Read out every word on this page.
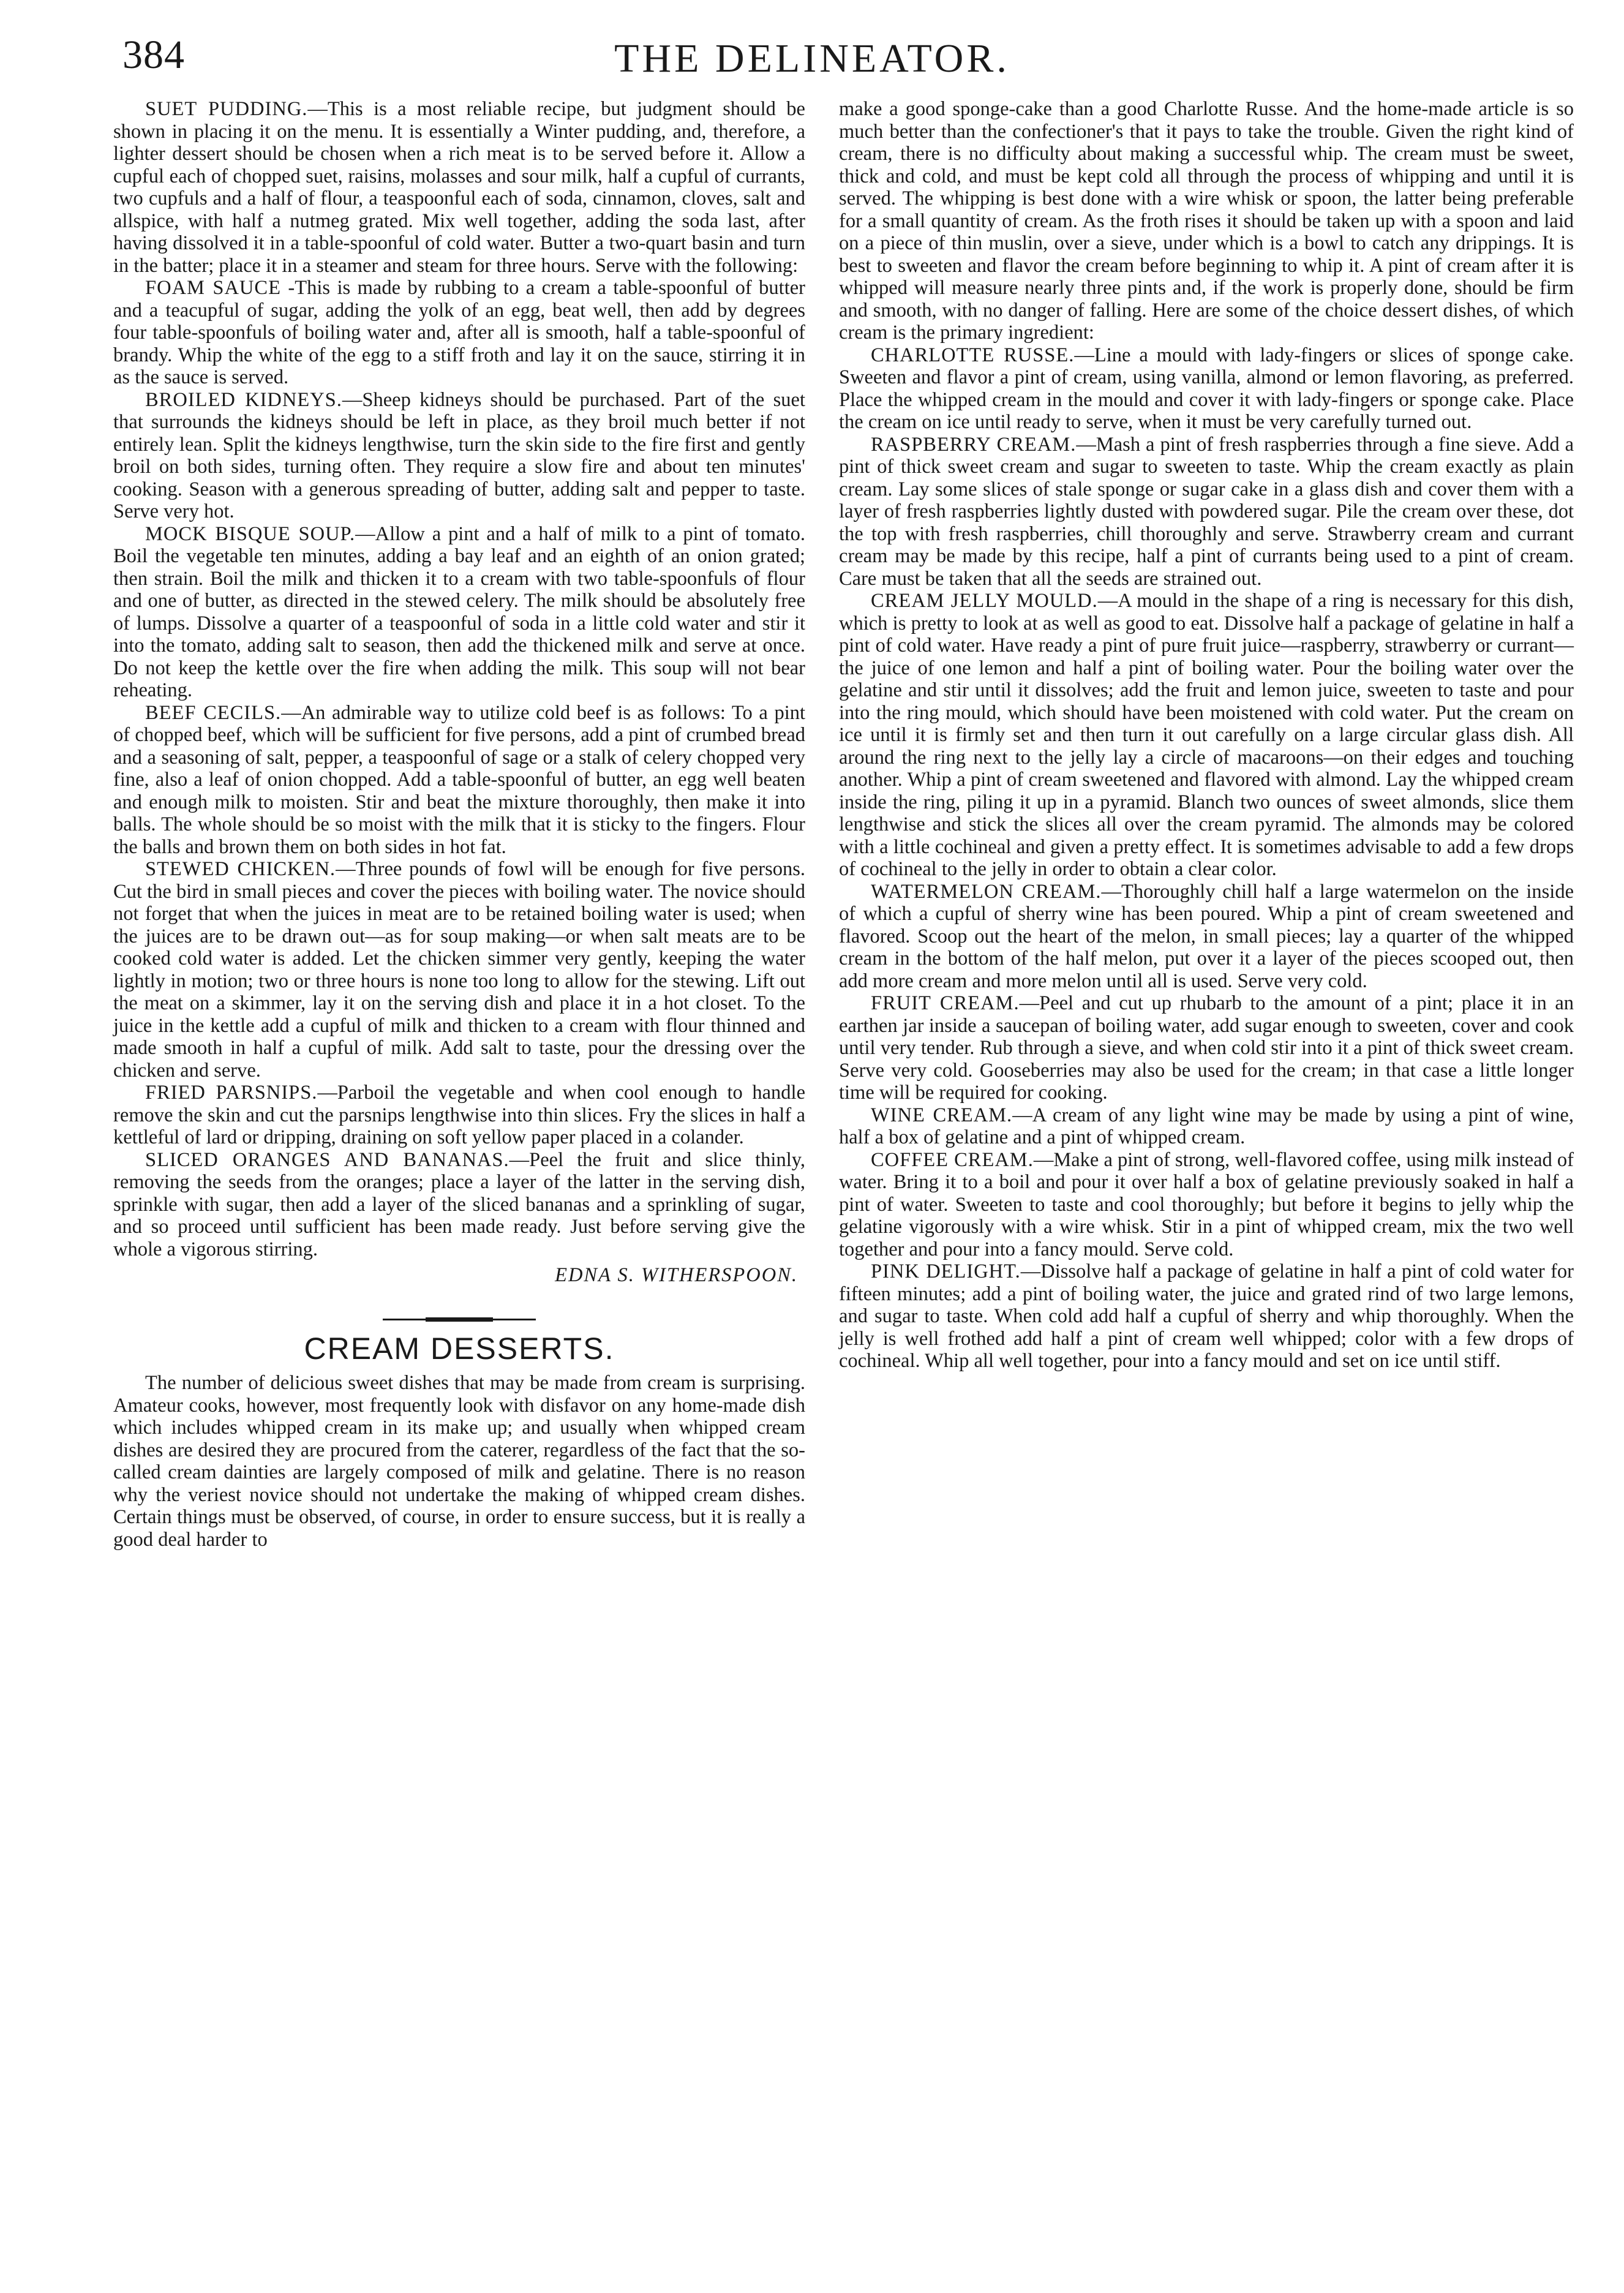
384	THE DELINEATOR.

SUET PUDDING.—This is a most reliable recipe, but judgment should be shown in placing it on the menu. It is essentially a Winter pudding, and, therefore, a lighter dessert should be chosen when a rich meat is to be served before it. Allow a cupful each of chopped suet, raisins, molasses and sour milk, half a cupful of currants, two cupfuls and a half of flour, a teaspoonful each of soda, cinnamon, cloves, salt and allspice, with half a nutmeg grated. Mix well together, adding the soda last, after having dissolved it in a table-spoonful of cold water. Butter a two-quart basin and turn in the batter; place it in a steamer and steam for three hours. Serve with the following:

FOAM SAUCE -This is made by rubbing to a cream a table-spoonful of butter and a teacupful of sugar, adding the yolk of an egg, beat well, then add by degrees four table-spoonfuls of boiling water and, after all is smooth, half a table-spoonful of brandy. Whip the white of the egg to a stiff froth and lay it on the sauce, stirring it in as the sauce is served.

BROILED KIDNEYS.—Sheep kidneys should be purchased. Part of the suet that surrounds the kidneys should be left in place, as they broil much better if not entirely lean. Split the kidneys lengthwise, turn the skin side to the fire first and gently broil on both sides, turning often. They require a slow fire and about ten minutes' cooking. Season with a generous spreading of butter, adding salt and pepper to taste. Serve very hot.

MOCK BISQUE SOUP.—Allow a pint and a half of milk to a pint of tomato. Boil the vegetable ten minutes, adding a bay leaf and an eighth of an onion grated; then strain. Boil the milk and thicken it to a cream with two table-spoonfuls of flour and one of butter, as directed in the stewed celery. The milk should be absolutely free of lumps. Dissolve a quarter of a teaspoonful of soda in a little cold water and stir it into the tomato, adding salt to season, then add the thickened milk and serve at once. Do not keep the kettle over the fire when adding the milk. This soup will not bear reheating.

BEEF CECILS.—An admirable way to utilize cold beef is as follows: To a pint of chopped beef, which will be sufficient for five persons, add a pint of crumbed bread and a seasoning of salt, pepper, a teaspoonful of sage or a stalk of celery chopped very fine, also a leaf of onion chopped. Add a table-spoonful of butter, an egg well beaten and enough milk to moisten. Stir and beat the mixture thoroughly, then make it into balls. The whole should be so moist with the milk that it is sticky to the fingers. Flour the balls and brown them on both sides in hot fat.

STEWED CHICKEN.—Three pounds of fowl will be enough for five persons. Cut the bird in small pieces and cover the pieces with boiling water. The novice should not forget that when the juices in meat are to be retained boiling water is used; when the juices are to be drawn out—as for soup making—or when salt meats are to be cooked cold water is added. Let the chicken simmer very gently, keeping the water lightly in motion; two or three hours is none too long to allow for the stewing. Lift out the meat on a skimmer, lay it on the serving dish and place it in a hot closet. To the juice in the kettle add a cupful of milk and thicken to a cream with flour thinned and made smooth in half a cupful of milk. Add salt to taste, pour the dressing over the chicken and serve.

FRIED PARSNIPS.—Parboil the vegetable and when cool enough to handle remove the skin and cut the parsnips lengthwise into thin slices. Fry the slices in half a kettleful of lard or dripping, draining on soft yellow paper placed in a colander.

SLICED ORANGES AND BANANAS.—Peel the fruit and slice thinly, removing the seeds from the oranges; place a layer of the latter in the serving dish, sprinkle with sugar, then add a layer of the sliced bananas and a sprinkling of sugar, and so proceed until sufficient has been made ready. Just before serving give the whole a vigorous stirring.

EDNA S. WITHERSPOON.
CREAM DESSERTS.

The number of delicious sweet dishes that may be made from cream is surprising. Amateur cooks, however, most frequently look with disfavor on any home-made dish which includes whipped cream in its make up; and usually when whipped cream dishes are desired they are procured from the caterer, regardless of the fact that the so-called cream dainties are largely composed of milk and gelatine. There is no reason why the veriest novice should not undertake the making of whipped cream dishes. Certain things must be observed, of course, in order to ensure success, but it is really a good deal harder to

make a good sponge-cake than a good Charlotte Russe. And the home-made article is so much better than the confectioner's that it pays to take the trouble. Given the right kind of cream, there is no difficulty about making a successful whip. The cream must be sweet, thick and cold, and must be kept cold all through the process of whipping and until it is served. The whipping is best done with a wire whisk or spoon, the latter being preferable for a small quantity of cream. As the froth rises it should be taken up with a spoon and laid on a piece of thin muslin, over a sieve, under which is a bowl to catch any drippings. It is best to sweeten and flavor the cream before beginning to whip it. A pint of cream after it is whipped will measure nearly three pints and, if the work is properly done, should be firm and smooth, with no danger of falling. Here are some of the choice dessert dishes, of which cream is the primary ingredient:

CHARLOTTE RUSSE.—Line a mould with lady-fingers or slices of sponge cake. Sweeten and flavor a pint of cream, using vanilla, almond or lemon flavoring, as preferred. Place the whipped cream in the mould and cover it with lady-fingers or sponge cake. Place the cream on ice until ready to serve, when it must be very carefully turned out.

RASPBERRY CREAM.—Mash a pint of fresh raspberries through a fine sieve. Add a pint of thick sweet cream and sugar to sweeten to taste. Whip the cream exactly as plain cream. Lay some slices of stale sponge or sugar cake in a glass dish and cover them with a layer of fresh raspberries lightly dusted with powdered sugar. Pile the cream over these, dot the top with fresh raspberries, chill thoroughly and serve. Strawberry cream and currant cream may be made by this recipe, half a pint of currants being used to a pint of cream. Care must be taken that all the seeds are strained out.

CREAM JELLY MOULD.—A mould in the shape of a ring is necessary for this dish, which is pretty to look at as well as good to eat. Dissolve half a package of gelatine in half a pint of cold water. Have ready a pint of pure fruit juice—raspberry, strawberry or currant—the juice of one lemon and half a pint of boiling water. Pour the boiling water over the gelatine and stir until it dissolves; add the fruit and lemon juice, sweeten to taste and pour into the ring mould, which should have been moistened with cold water. Put the cream on ice until it is firmly set and then turn it out carefully on a large circular glass dish. All around the ring next to the jelly lay a circle of macaroons—on their edges and touching another. Whip a pint of cream sweetened and flavored with almond. Lay the whipped cream inside the ring, piling it up in a pyramid. Blanch two ounces of sweet almonds, slice them lengthwise and stick the slices all over the cream pyramid. The almonds may be colored with a little cochineal and given a pretty effect. It is sometimes advisable to add a few drops of cochineal to the jelly in order to obtain a clear color.

WATERMELON CREAM.—Thoroughly chill half a large watermelon on the inside of which a cupful of sherry wine has been poured. Whip a pint of cream sweetened and flavored. Scoop out the heart of the melon, in small pieces; lay a quarter of the whipped cream in the bottom of the half melon, put over it a layer of the pieces scooped out, then add more cream and more melon until all is used. Serve very cold.

FRUIT CREAM.—Peel and cut up rhubarb to the amount of a pint; place it in an earthen jar inside a saucepan of boiling water, add sugar enough to sweeten, cover and cook until very tender. Rub through a sieve, and when cold stir into it a pint of thick sweet cream. Serve very cold. Gooseberries may also be used for the cream; in that case a little longer time will be required for cooking.

WINE CREAM.—A cream of any light wine may be made by using a pint of wine, half a box of gelatine and a pint of whipped cream.

COFFEE CREAM.—Make a pint of strong, well-flavored coffee, using milk instead of water. Bring it to a boil and pour it over half a box of gelatine previously soaked in half a pint of water. Sweeten to taste and cool thoroughly; but before it begins to jelly whip the gelatine vigorously with a wire whisk. Stir in a pint of whipped cream, mix the two well together and pour into a fancy mould. Serve cold.

PINK DELIGHT.—Dissolve half a package of gelatine in half a pint of cold water for fifteen minutes; add a pint of boiling water, the juice and grated rind of two large lemons, and sugar to taste. When cold add half a cupful of sherry and whip thoroughly. When the jelly is well frothed add half a pint of cream well whipped; color with a few drops of cochineal. Whip all well together, pour into a fancy mould and set on ice until stiff.
